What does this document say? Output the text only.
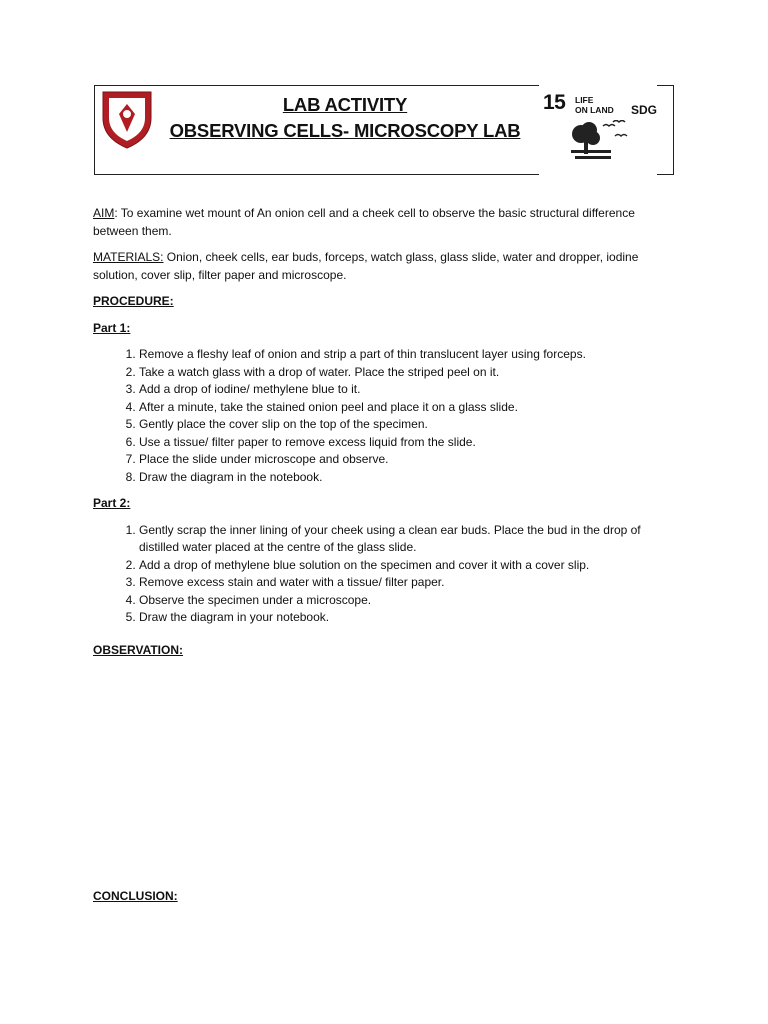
LAB ACTIVITY
OBSERVING CELLS- MICROSCOPY LAB
15 LIFE
ON LAND SDG

AIM: To examine wet mount of An onion cell and a cheek cell to observe the basic structural difference between them.

MATERIALS: Onion, cheek cells, ear buds, forceps, watch glass, glass slide, water and dropper, iodine solution, cover slip, filter paper and microscope.

PROCEDURE:
Part 1:
1. Remove a fleshy leaf of onion and strip a part of thin translucent layer using forceps.
2. Take a watch glass with a drop of water. Place the striped peel on it.
3. Add a drop of iodine/ methylene blue to it.
4. After a minute, take the stained onion peel and place it on a glass slide.
5. Gently place the cover slip on the top of the specimen.
6. Use a tissue/ filter paper to remove excess liquid from the slide.
7. Place the slide under microscope and observe.
8. Draw the diagram in the notebook.
Part 2:
1. Gently scrap the inner lining of your cheek using a clean ear buds. Place the bud in the drop of distilled water placed at the centre of the glass slide.
2. Add a drop of methylene blue solution on the specimen and cover it with a cover slip.
3. Remove excess stain and water with a tissue/ filter paper.
4. Observe the specimen under a microscope.
5. Draw the diagram in your notebook.
OBSERVATION:
CONCLUSION:
